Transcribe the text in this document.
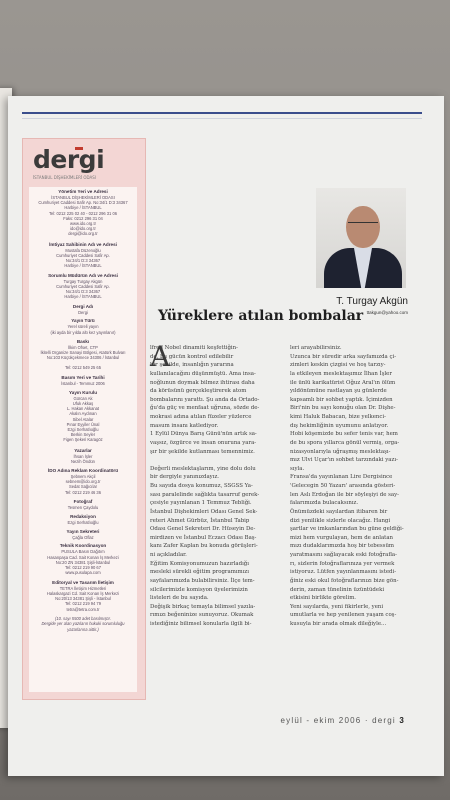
dergi
İSTANBUL DİŞHEKİMLERİ ODASI
Yönetim Yeri ve Adresi
İSTANBUL DİŞHEKİMLERİ ODASI
Cumhuriyet Caddesi Safir Ap. No:34/1 D:3 34367
Harbiye / İSTANBUL
Tel: 0212 225 02 40 - 0212 296 31 06
Faks: 0212 296 31 04
www.ido.org.tr
ido@ido.org.tr
dergi@ido.org.tr
İmtiyaz Sahibinin Adı ve Adresi
Mustafa Düzenoğlu
Cumhuriyet Caddesi Safir Ap.
No:34/1 D:3 34367
Harbiye / İSTANBUL
Sorumlu Müdürün Adı ve Adresi
Turgay Turgay Akgün
Cumhuriyet Caddesi Safir Ap.
No:34/1 D:3 34367
Harbiye / İSTANBUL
Dergi Adı
Dergi
Yayın Türü
Yerel süreli yayın
(iki ayda bir yılda altı kez yayınlanır)
Baskı
İlkim Ofset, CTP
İkitelli Organize Sanayi Bölgesi, Atatürk Bulvarı
No:103 Küçükçekmece 34306 / İstanbul

Tel: 0212 549 25 65
Basım Yeri ve Tarihi
İstanbul - Temmuz 2006
Yayın Kurulu
Gürcan Ak
Ufuk Akkaş
L. Hakan Akkanat
Akalın Aydınan
Sibel Atalar
Pınar Eyyiler Ünal
Ezgi Serhatlıoğlu
Berkin Seyler
Figen Şekeri Karagöz
Yazarlar
İhsan İşler
Nezih Öndün
İDO Adına Reklam Koordinatörü
Şebnem Akçil
sebnem@ido.org.tr
Sedat Sağıcılar
Tel: 0212 219 46 36
Fotoğraf
Tesmen Çaydolu
Redaksiyon
Ezgi Serhatlıoğlu
Yayın Sekreteri
Çağla Oflaz
Teknik Koordinasyon
PUSULA Basın Dağıtım
Hasanpaşa Cad. Sait Konan İş Merkezi
No:20 ZN 34381 Şişli-İstanbul
Tel: 0212 219 90 67
www.pusulapa.com
Editoryal ve Tasarım İletişim
TETRA İletişim Hizmetleri
Halaskargazi Cd. Sait Konan İş Merkezi
No:20/13 34381 Şişli - İstanbul
Tel: 0212 219 94 79
tetra@tetra.com.tr
(10. sayı 5500 adet basılmıştır.
Dergide yer alan yazıların hukuki sorumluluğu
yazarlarına aittir.)
T. Turgay Akgün
ttakgun@yahoo.com
Yüreklere atılan bombalar
A
lfred Nobel dinamiti keşfettiğin-
de, bu gücün kontrol edilebilir
bir şekilde, insanlığın yararına
kullanılacağını düşünmüştü. Ama insa-
noğlunun doymak bilmez ihtirası daha
da körüsünü gerçekleştirerek atom
bombalarını yarattı. Şu anda da Ortado-
ğu'da güç ve menfaat uğruna, sözde de-
mokrasi adına atılan füzeler yüzlerce
masum insanı katlediyor.
1 Eylül Dünya Barış Günü'nün artık sa-
vaşsız, özgürce ve insan onuruna yara-
şır bir şekilde kutlanması temennimiz.

Değerli meslektaşlarım, yine dolu dolu
bir dergiyle yanınızdayız.
Bu sayıda dosya konumuz, SSGSS Ya-
sası paralelinde sağlıkta tasarruf gerek-
çesiyle yayınlanan 1 Temmuz Tebliği.
İstanbul Dişhekimleri Odası Genel Sek-
reteri Ahmet Gürbüz, İstanbul Tabip
Odası Genel Sekreteri Dr. Hüseyin De-
mirdizen ve İstanbul Eczacı Odası Baş-
kanı Zafer Kaplan bu konuda görüşleri-
ni açıkladılar.
Eğitim Komisyonumuzun hazırladığı
mesleki sürekli eğitim programımızı
sayfalarımızda bulabilirsiniz. İlçe tem-
silcilerimizle komisyon üyelerimizin
listeleri de bu sayıda.
Değişik birkaç temayla bilimsel yazıla-
rımızı beğeninize sunuyoruz. Okumak
istediğiniz bilimsel konularla ilgili bi-
leri arayabilirsiniz.
Uzunca bir süredir arka sayfamızda çi-
zimleri keskin çizgisi ve hoş tarzıy-
la etkileyen meslektaşımız İlhan İşler
ile ünlü karikatürist Oğuz Aral'ın ölüm
yıldönümüne rastlayan şu günlerde
kapsamlı bir sohbet yaptık. İçimizden
Biri'nin bu sayı konuğu olan Dr. Dişhe-
kimi Haluk Babacan, bize yelkenci-
dış hekimliğinin uyumunu anlatıyor.
Hobi köşemizde bu sefer tenis var, hem
de bu spora yıllarca gönül vermiş, orga-
nizasyonlarıyla uğraşmış meslektaşı-
mız Ulvi Uçar'ın sohbet tarzındaki yazı-
sıyla.
Fransa'da yayınlanan Lire Dergisince
'Gelecegin 50 Yazarı' arasında gösteri-
len Aslı Erdoğan ile bir söyleşiyi de say-
falarımızda bulacaksınız.
Önümüzdeki sayılardan itibaren bir
dizi yenilikle sizlerle olacağız. Hangi
şartlar ve imkanlarından bu güne geldiği-
mizi hem vurgulayan, hem de anlatan
mızı dudaklarımızda hoş bir tebessüm
yaratmasını sağlayacak eski fotoğrafla-
rı, sizlerin fotoğraflarınıza yer vermek
istiyoruz. Lütfen yayınlanmasını istedi-
ğiniz eski okul fotoğraflarınızı bize gön-
derin, zaman tünelinin üzüntüdeki
etkisini birlikte görelim.
Yeni sayılarda, yeni fikirlerle, yeni
umutlarla ve hep yenilenen yaşam coş-
kusuyla bir arada olmak dileğiyle...
eylül - ekim 2006 · dergi 3
